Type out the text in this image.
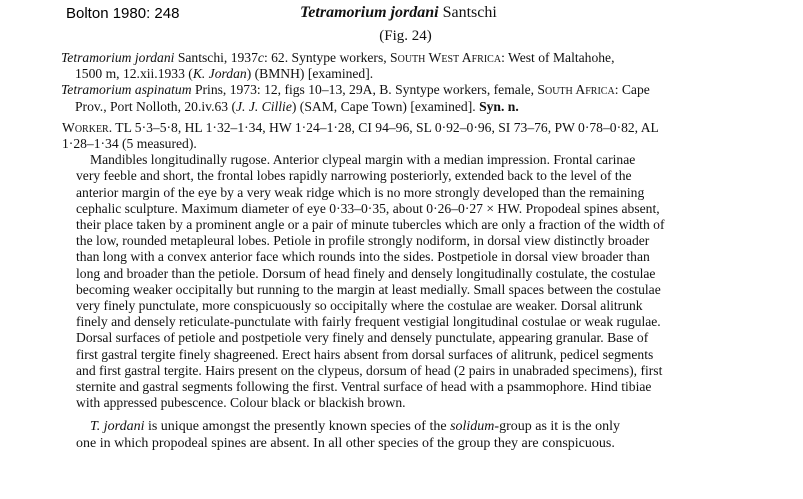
Bolton 1980: 248	Tetramorium jordani Santschi
(Fig. 24)
Tetramorium jordani Santschi, 1937c: 62. Syntype workers, South West Africa: West of Maltahohe,
1500 m, 12.xii.1933 (K. Jordan) (BMNH) [examined].
Tetramorium aspinatum Prins, 1973: 12, figs 10–13, 29A, B. Syntype workers, female, South Africa: Cape
Prov., Port Nolloth, 20.iv.63 (J. J. Cillie) (SAM, Cape Town) [examined]. Syn. n.
Worker. TL 5·3–5·8, HL 1·32–1·34, HW 1·24–1·28, CI 94–96, SL 0·92–0·96, SI 73–76, PW 0·78–0·82, AL
1·28–1·34 (5 measured).
Mandibles longitudinally rugose. Anterior clypeal margin with a median impression. Frontal carinae
very feeble and short, the frontal lobes rapidly narrowing posteriorly, extended back to the level of the
anterior margin of the eye by a very weak ridge which is no more strongly developed than the remaining
cephalic sculpture. Maximum diameter of eye 0·33–0·35, about 0·26–0·27 × HW. Propodeal spines absent,
their place taken by a prominent angle or a pair of minute tubercles which are only a fraction of the width of
the low, rounded metapleural lobes. Petiole in profile strongly nodiform, in dorsal view distinctly broader
than long with a convex anterior face which rounds into the sides. Postpetiole in dorsal view broader than
long and broader than the petiole. Dorsum of head finely and densely longitudinally costulate, the costulae
becoming weaker occipitally but running to the margin at least medially. Small spaces between the costulae
very finely punctulate, more conspicuously so occipitally where the costulae are weaker. Dorsal alitrunk
finely and densely reticulate-punctulate with fairly frequent vestigial longitudinal costulae or weak rugulae.
Dorsal surfaces of petiole and postpetiole very finely and densely punctulate, appearing granular. Base of
first gastral tergite finely shagreened. Erect hairs absent from dorsal surfaces of alitrunk, pedicel segments
and first gastral tergite. Hairs present on the clypeus, dorsum of head (2 pairs in unabraded specimens), first
sternite and gastral segments following the first. Ventral surface of head with a psammophore. Hind tibiae
with appressed pubescence. Colour black or blackish brown.
T. jordani is unique amongst the presently known species of the solidum-group as it is the only
one in which propodeal spines are absent. In all other species of the group they are conspicuous.
